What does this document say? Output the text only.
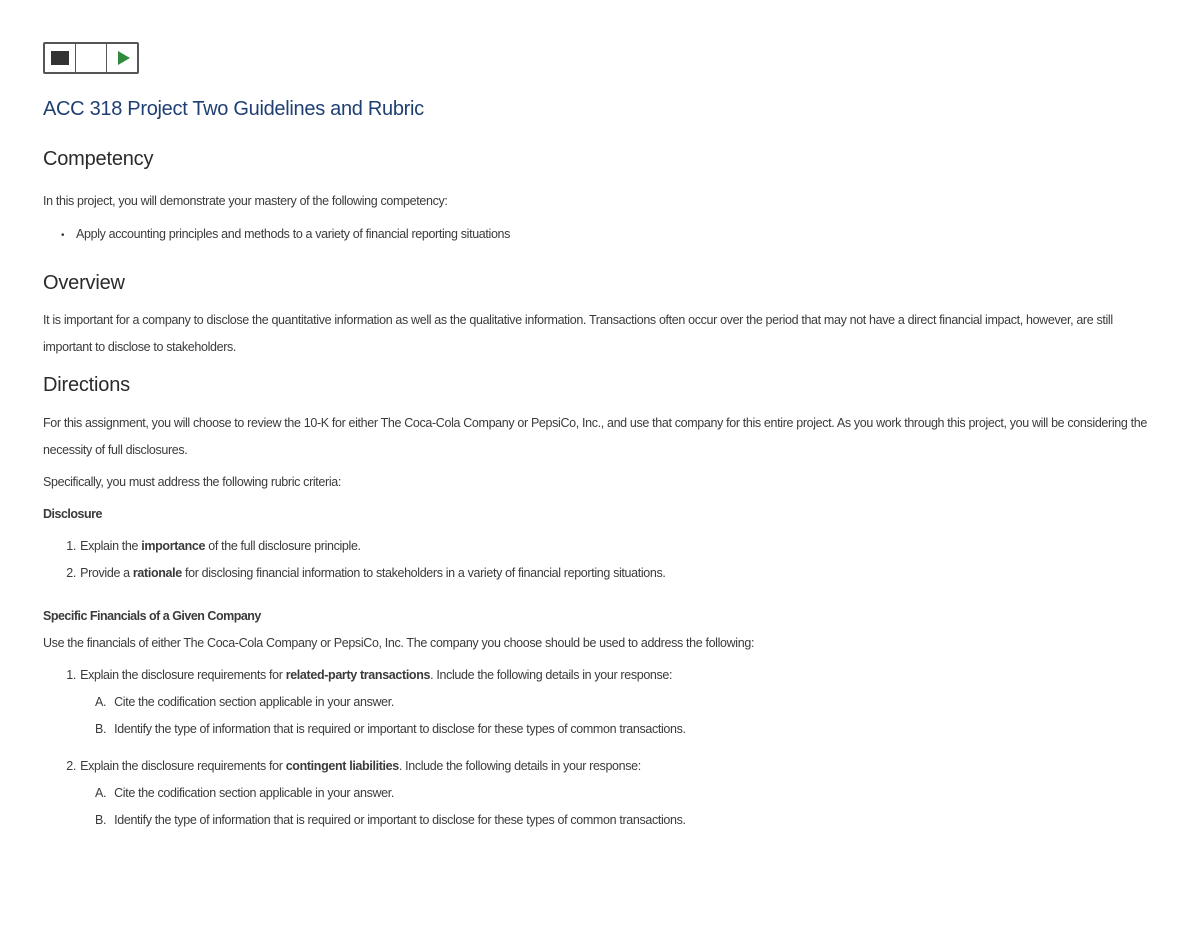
ACC 318 Project Two Guidelines and Rubric
Competency

In this project, you will demonstrate your mastery of the following competency:

• Apply accounting principles and methods to a variety of financial reporting situations
Overview

It is important for a company to disclose the quantitative information as well as the qualitative information. Transactions often occur over the period that may not have a direct financial impact, however, are still important to disclose to stakeholders.

Directions

For this assignment, you will choose to review the 10-K for either The Coca-Cola Company or PepsiCo, Inc., and use that company for this entire project. As you work through this project, you will be considering the necessity of full disclosures.

Specifically, you must address the following rubric criteria:

Disclosure
1. Explain the importance of the full disclosure principle.
2. Provide a rationale for disclosing financial information to stakeholders in a variety of financial reporting situations.
Specific Financials of a Given Company

Use the financials of either The Coca-Cola Company or PepsiCo, Inc. The company you choose should be used to address the following:

1. Explain the disclosure requirements for related-party transactions. Include the following details in your response:
A. Cite the codification section applicable in your answer.
B. Identify the type of information that is required or important to disclose for these types of common transactions.
2. Explain the disclosure requirements for contingent liabilities. Include the following details in your response:
A. Cite the codification section applicable in your answer.
B. Identify the type of information that is required or important to disclose for these types of common transactions.
